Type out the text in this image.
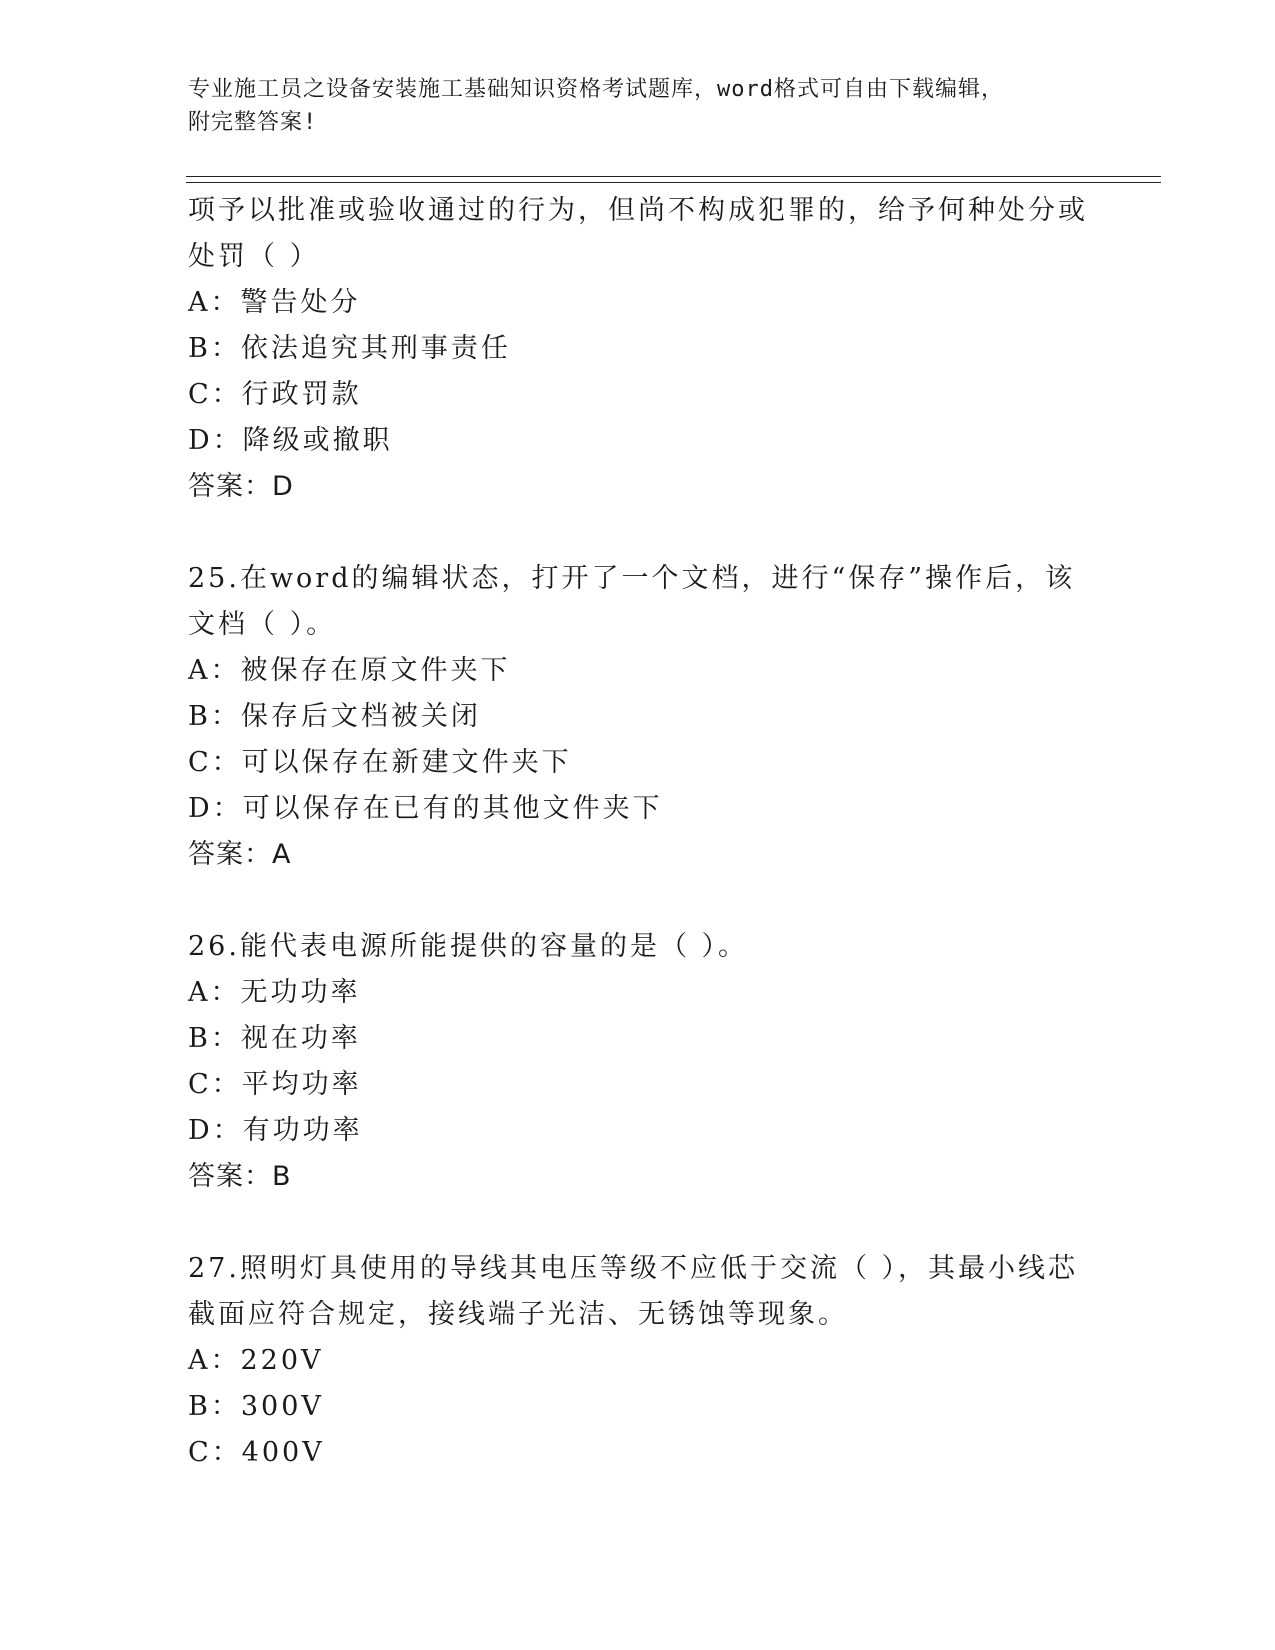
专业施工员之设备安装施工基础知识资格考试题库，word格式可自由下载编辑，
附完整答案!
项予以批准或验收通过的行为，但尚不构成犯罪的，给予何种处分或
处罚（ ）
A：警告处分
B：依法追究其刑事责任
C：行政罚款
D：降级或撤职
答案：D
25.在word的编辑状态，打开了一个文档，进行“保存”操作后，该
文档（ ）。
A：被保存在原文件夹下
B：保存后文档被关闭
C：可以保存在新建文件夹下
D：可以保存在已有的其他文件夹下
答案：A
26.能代表电源所能提供的容量的是（ ）。
A：无功功率
B：视在功率
C：平均功率
D：有功功率
答案：B
27.照明灯具使用的导线其电压等级不应低于交流（ ），其最小线芯
截面应符合规定，接线端子光洁、无锈蚀等现象。
A：220V
B：300V
C：400V
